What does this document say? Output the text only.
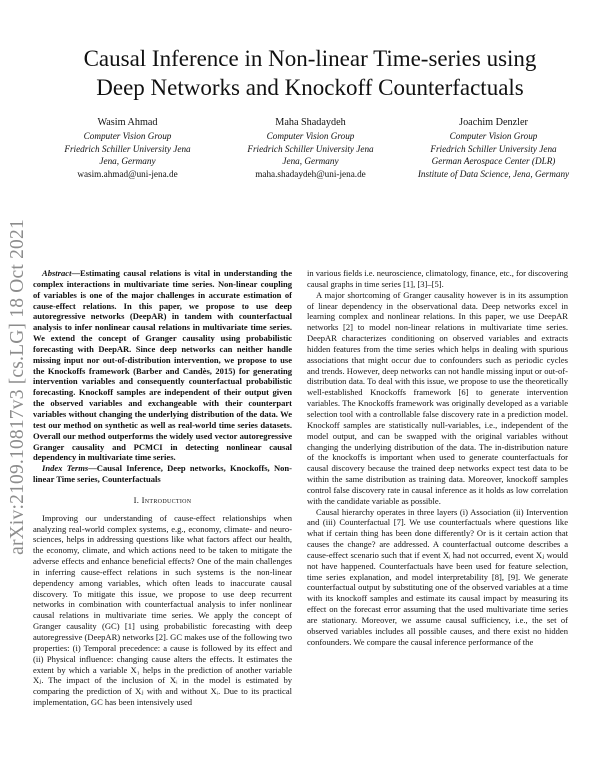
arXiv:2109.10817v3 [cs.LG] 18 Oct 2021
Causal Inference in Non-linear Time-series using
Deep Networks and Knockoff Counterfactuals
Wasim Ahmad
Computer Vision Group
Friedrich Schiller University Jena
Jena, Germany
wasim.ahmad@uni-jena.de
Maha Shadaydeh
Computer Vision Group
Friedrich Schiller University Jena
Jena, Germany
maha.shadaydeh@uni-jena.de
Joachim Denzler
Computer Vision Group
Friedrich Schiller University Jena
German Aerospace Center (DLR)
Institute of Data Science, Jena, Germany

Abstract—Estimating causal relations is vital in understanding the complex interactions in multivariate time series. Non-linear coupling of variables is one of the major challenges in accurate estimation of cause-effect relations. In this paper, we propose to use deep autoregressive networks (DeepAR) in tandem with counterfactual analysis to infer nonlinear causal relations in multivariate time series. We extend the concept of Granger causality using probabilistic forecasting with DeepAR. Since deep networks can neither handle missing input nor out-of-distribution intervention, we propose to use the Knockoffs framework (Barber and Candès, 2015) for generating intervention variables and consequently counterfactual probabilistic forecasting. Knockoff samples are independent of their output given the observed variables and exchangeable with their counterpart variables without changing the underlying distribution of the data. We test our method on synthetic as well as real-world time series datasets. Overall our method outperforms the widely used vector autoregressive Granger causality and PCMCI in detecting nonlinear causal dependency in multivariate time series.

Index Terms—Causal Inference, Deep networks, Knockoffs, Non-linear Time series, Counterfactuals

I. Introduction

Improving our understanding of cause-effect relationships when analyzing real-world complex systems, e.g., economy, climate- and neuro-sciences, helps in addressing questions like what factors affect our health, the economy, climate, and which actions need to be taken to mitigate the adverse effects and enhance beneficial effects? One of the main challenges in inferring cause-effect relations in such systems is the non-linear dependency among variables, which often leads to inaccurate causal discovery. To mitigate this issue, we propose to use deep recurrent networks in combination with counterfactual analysis to infer nonlinear causal relations in multivariate time series. We apply the concept of Granger causality (GC) [1] using probabilistic forecasting with deep autoregressive (DeepAR) networks [2]. GC makes use of the following two properties: (i) Temporal precedence: a cause is followed by its effect and (ii) Physical influence: changing cause alters the effects. It estimates the extent by which a variable X₁ helps in the prediction of another variable Xⱼ. The impact of the inclusion of Xᵢ in the model is estimated by comparing the prediction of Xⱼ with and without Xᵢ. Due to its practical implementation, GC has been intensively used

in various fields i.e. neuroscience, climatology, finance, etc., for discovering causal graphs in time series [1], [3]–[5].

A major shortcoming of Granger causality however is in its assumption of linear dependency in the observational data. Deep networks excel in learning complex and nonlinear relations. In this paper, we use DeepAR networks [2] to model non-linear relations in multivariate time series. DeepAR characterizes conditioning on observed variables and extracts hidden features from the time series which helps in dealing with spurious associations that might occur due to confounders such as periodic cycles and trends. However, deep networks can not handle missing input or out-of-distribution data. To deal with this issue, we propose to use the theoretically well-established Knockoffs framework [6] to generate intervention variables. The Knockoffs framework was originally developed as a variable selection tool with a controllable false discovery rate in a prediction model. Knockoff samples are statistically null-variables, i.e., independent of the model output, and can be swapped with the original variables without changing the underlying distribution of the data. The in-distribution nature of the knockoffs is important when used to generate counterfactuals for causal discovery because the trained deep networks expect test data to be within the same distribution as training data. Moreover, knockoff samples control false discovery rate in causal inference as it holds as low correlation with the candidate variable as possible.

Causal hierarchy operates in three layers (i) Association (ii) Intervention and (iii) Counterfactual [7]. We use counterfactuals where questions like what if certain thing has been done differently? Or is it certain action that causes the change? are addressed. A counterfactual outcome describes a cause-effect scenario such that if event Xᵢ had not occurred, event Xⱼ would not have happened. Counterfactuals have been used for feature selection, time series explanation, and model interpretability [8], [9]. We generate counterfactual output by substituting one of the observed variables at a time with its knockoff samples and estimate its causal impact by measuring its effect on the forecast error assuming that the used multivariate time series are stationary. Moreover, we assume causal sufficiency, i.e., the set of observed variables includes all possible causes, and there exist no hidden confounders. We compare the causal inference performance of the
